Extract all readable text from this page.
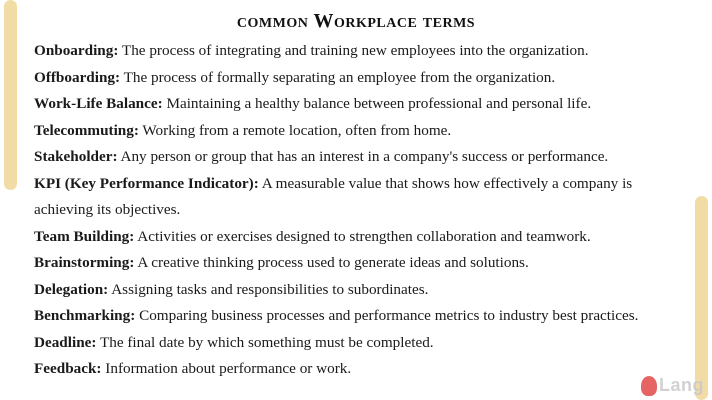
common Workplace terms

Onboarding: The process of integrating and training new employees into the organization.

Offboarding: The process of formally separating an employee from the organization.

Work-Life Balance: Maintaining a healthy balance between professional and personal life.

Telecommuting: Working from a remote location, often from home.

Stakeholder: Any person or group that has an interest in a company's success or performance.

KPI (Key Performance Indicator): A measurable value that shows how effectively a company is achieving its objectives.

Team Building: Activities or exercises designed to strengthen collaboration and teamwork.

Brainstorming: A creative thinking process used to generate ideas and solutions.

Delegation: Assigning tasks and responsibilities to subordinates.

Benchmarking: Comparing business processes and performance metrics to industry best practices.

Deadline: The final date by which something must be completed.

Feedback: Information about performance or work.

Lang
